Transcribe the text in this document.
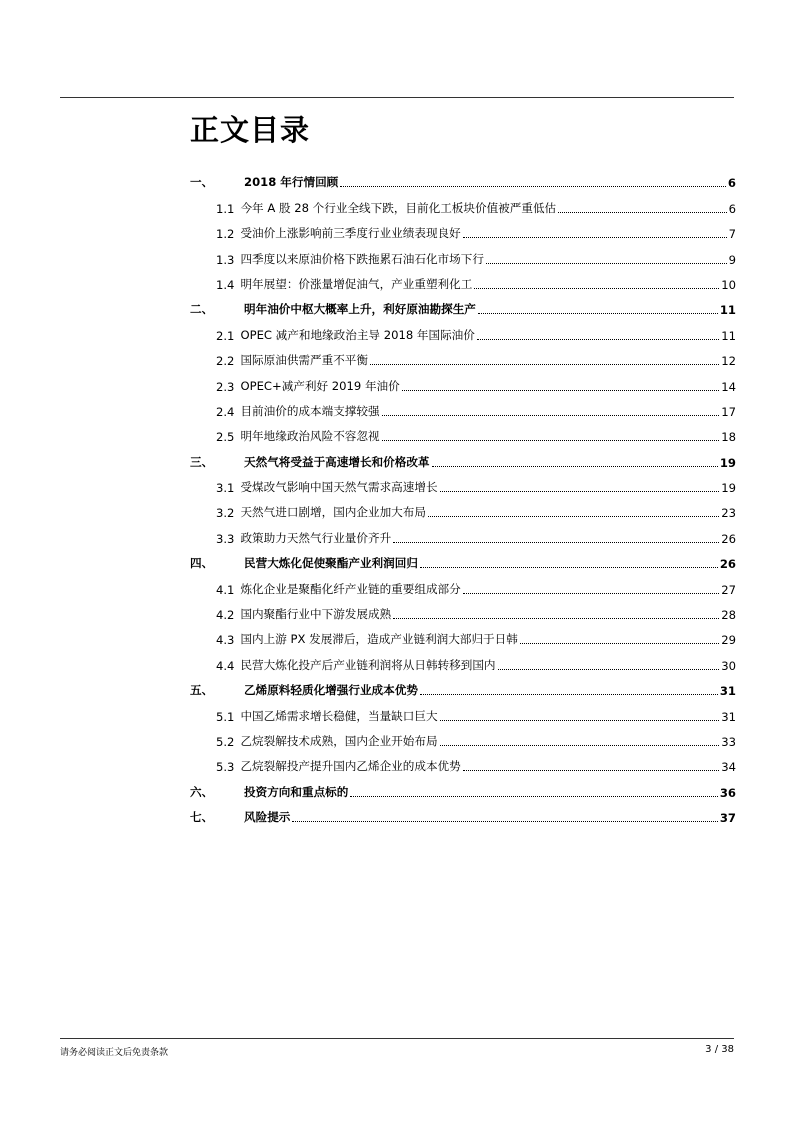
正文目录
一、	2018 年行情回顾	6
1.1 今年 A 股 28 个行业全线下跌，目前化工板块价值被严重低估	6
1.2 受油价上涨影响前三季度行业业绩表现良好	7
1.3 四季度以来原油价格下跌拖累石油石化市场下行	9
1.4 明年展望：价涨量增促油气，产业重塑利化工	10
二、	明年油价中枢大概率上升，利好原油勘探生产	11
2.1 OPEC 减产和地缘政治主导 2018 年国际油价	11
2.2 国际原油供需严重不平衡	12
2.3 OPEC+减产利好 2019 年油价	14
2.4 目前油价的成本端支撑较强	17
2.5 明年地缘政治风险不容忽视	18
三、	天然气将受益于高速增长和价格改革	19
3.1 受煤改气影响中国天然气需求高速增长	19
3.2 天然气进口剧增，国内企业加大布局	23
3.3 政策助力天然气行业量价齐升	26
四、	民营大炼化促使聚酯产业利润回归	26
4.1 炼化企业是聚酯化纤产业链的重要组成部分	27
4.2 国内聚酯行业中下游发展成熟	28
4.3 国内上游 PX 发展滞后，造成产业链利润大部归于日韩	29
4.4 民营大炼化投产后产业链利润将从日韩转移到国内	30
五、	乙烯原料轻质化增强行业成本优势	31
5.1 中国乙烯需求增长稳健，当量缺口巨大	31
5.2 乙烷裂解技术成熟，国内企业开始布局	33
5.3 乙烷裂解投产提升国内乙烯企业的成本优势	34
六、	投资方向和重点标的	36
七、	风险提示	37
请务必阅读正文后免责条款	3 / 38
